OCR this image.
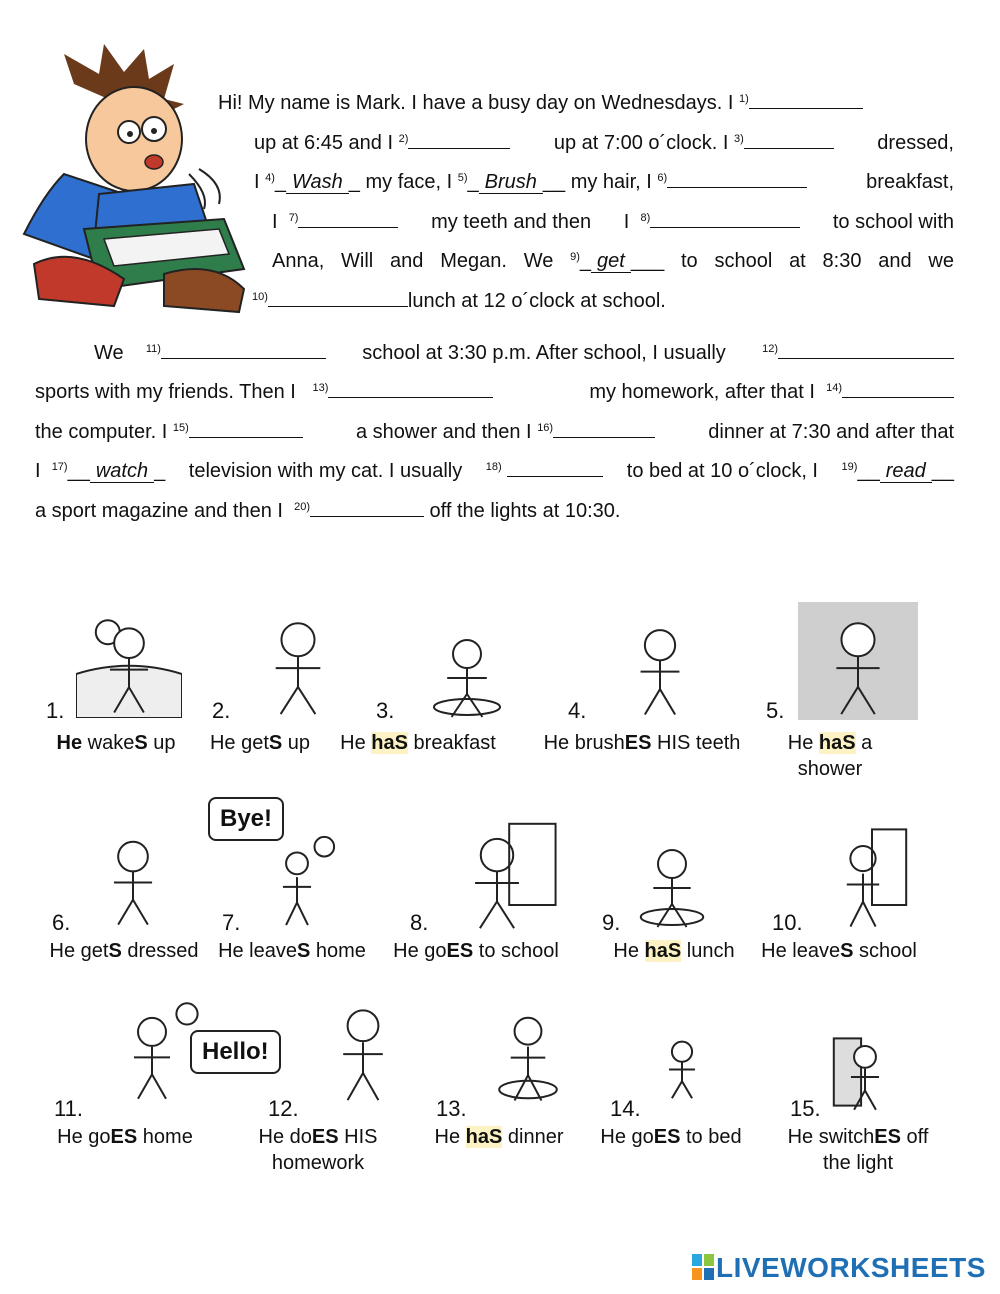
Hi! My name is Mark. I have a busy day on Wednesdays. I $^{1)}$
up at 6:45 and I $^{2)}$	up at 7:00 o´clock. I $^{3)}$	dressed,
I $^{4)}$_ Wash _ my face, I $^{5)}$_ Brush __ my hair, I $^{6)}$	breakfast,
I $^{7)}$	my teeth and then I $^{8)}$	to school with
Anna, Will and Megan. We $^{9)}$_ get ___ to school at 8:30 and we
$^{10)}$	lunch at 12 o´clock at school.
We $^{11)}$	school at 3:30 p.m. After school, I usually	$^{12)}$
sports with my friends. Then I $^{13)}$	my homework, after that I $^{14)}$
the computer. I $^{15)}$	a shower and then I $^{16)}$	dinner at 7:30 and after that
I $^{17)}$__ watch _ television with my cat. I usually $^{18)}$	to bed at 10 o´clock, I $^{19)}$__ read __
a sport magazine and then I $^{20)}$	off the lights at 10:30.
1.
He wakeS up
2.
He getS up
3.
He haS breakfast
4.
He brushES HIS teeth
5.
He haS a
shower
6.
He getS dressed
7.
He leaveS home
8.
He goES to school
9.
He haS lunch
10.
He leaveS school
11.
He goES home
12.
He doES HIS
homework
13.
He haS dinner
14.
He goES to bed
15.
He switchES off
the light
Bye!
Hello!
LIVEWORKSHEETS
